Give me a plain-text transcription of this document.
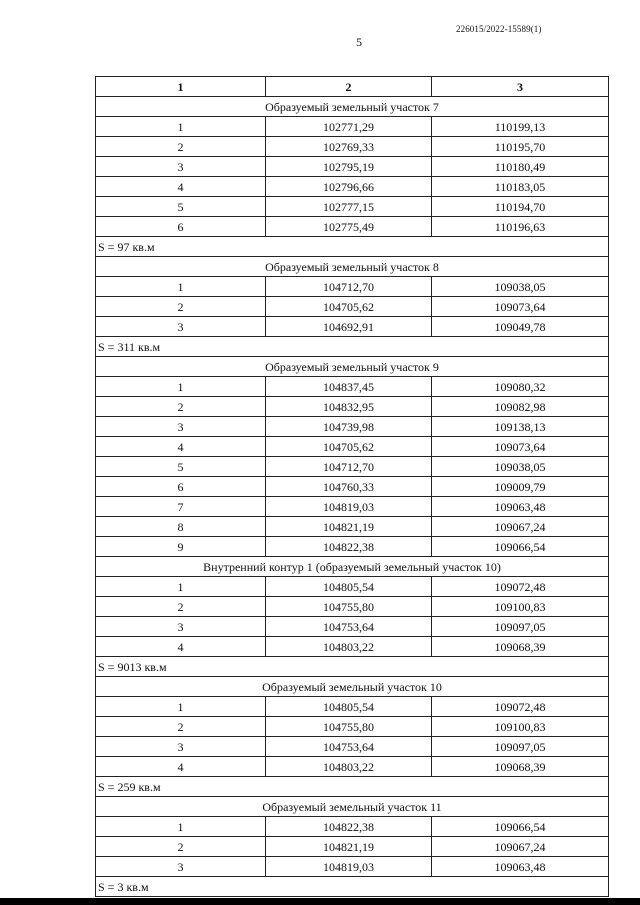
226015/2022-15589(1)
5
1	2	3
Образуемый земельный участок 7		
1	102771,29	110199,13
2	102769,33	110195,70
3	102795,19	110180,49
4	102796,66	110183,05
5	102777,15	110194,70
6	102775,49	110196,63
S = 97 кв.м		
Образуемый земельный участок 8		
1	104712,70	109038,05
2	104705,62	109073,64
3	104692,91	109049,78
S = 311 кв.м		
Образуемый земельный участок 9		
1	104837,45	109080,32
2	104832,95	109082,98
3	104739,98	109138,13
4	104705,62	109073,64
5	104712,70	109038,05
6	104760,33	109009,79
7	104819,03	109063,48
8	104821,19	109067,24
9	104822,38	109066,54
Внутренний контур 1 (образуемый земельный участок 10)		
1	104805,54	109072,48
2	104755,80	109100,83
3	104753,64	109097,05
4	104803,22	109068,39
S = 9013 кв.м		
Образуемый земельный участок 10		
1	104805,54	109072,48
2	104755,80	109100,83
3	104753,64	109097,05
4	104803,22	109068,39
S = 259 кв.м		
Образуемый земельный участок 11		
1	104822,38	109066,54
2	104821,19	109067,24
3	104819,03	109063,48
S = 3 кв.м		
